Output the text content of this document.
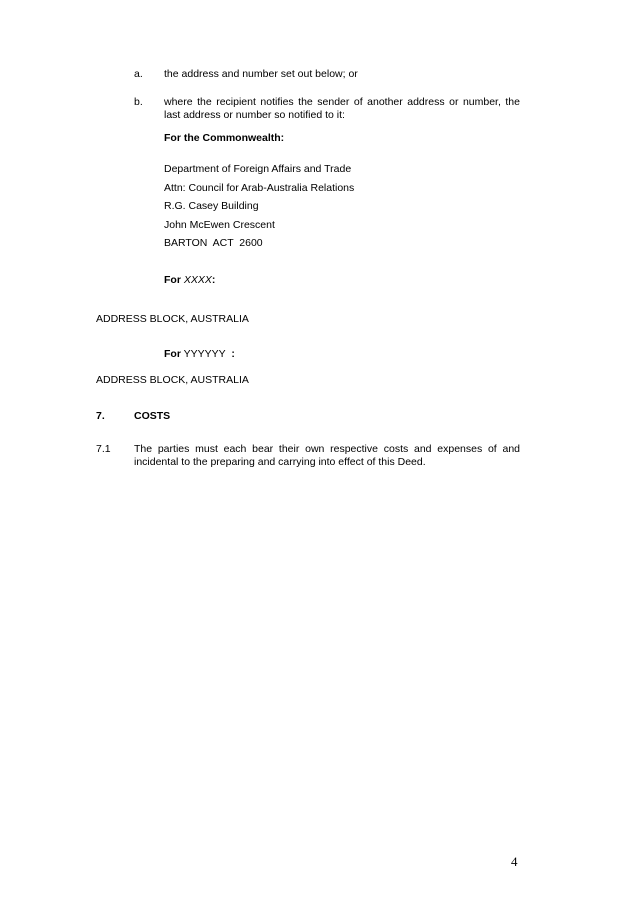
a. the address and number set out below; or
b. where the recipient notifies the sender of another address or number, the last address or number so notified to it:
For the Commonwealth:
Department of Foreign Affairs and Trade
Attn: Council for Arab-Australia Relations
R.G. Casey Building
John McEwen Crescent
BARTON  ACT  2600
For XXXX:
ADDRESS BLOCK, AUSTRALIA
For YYYYYY  :
ADDRESS BLOCK, AUSTRALIA
7.	COSTS
7.1 The parties must each bear their own respective costs and expenses of and incidental to the preparing and carrying into effect of this Deed.
4
